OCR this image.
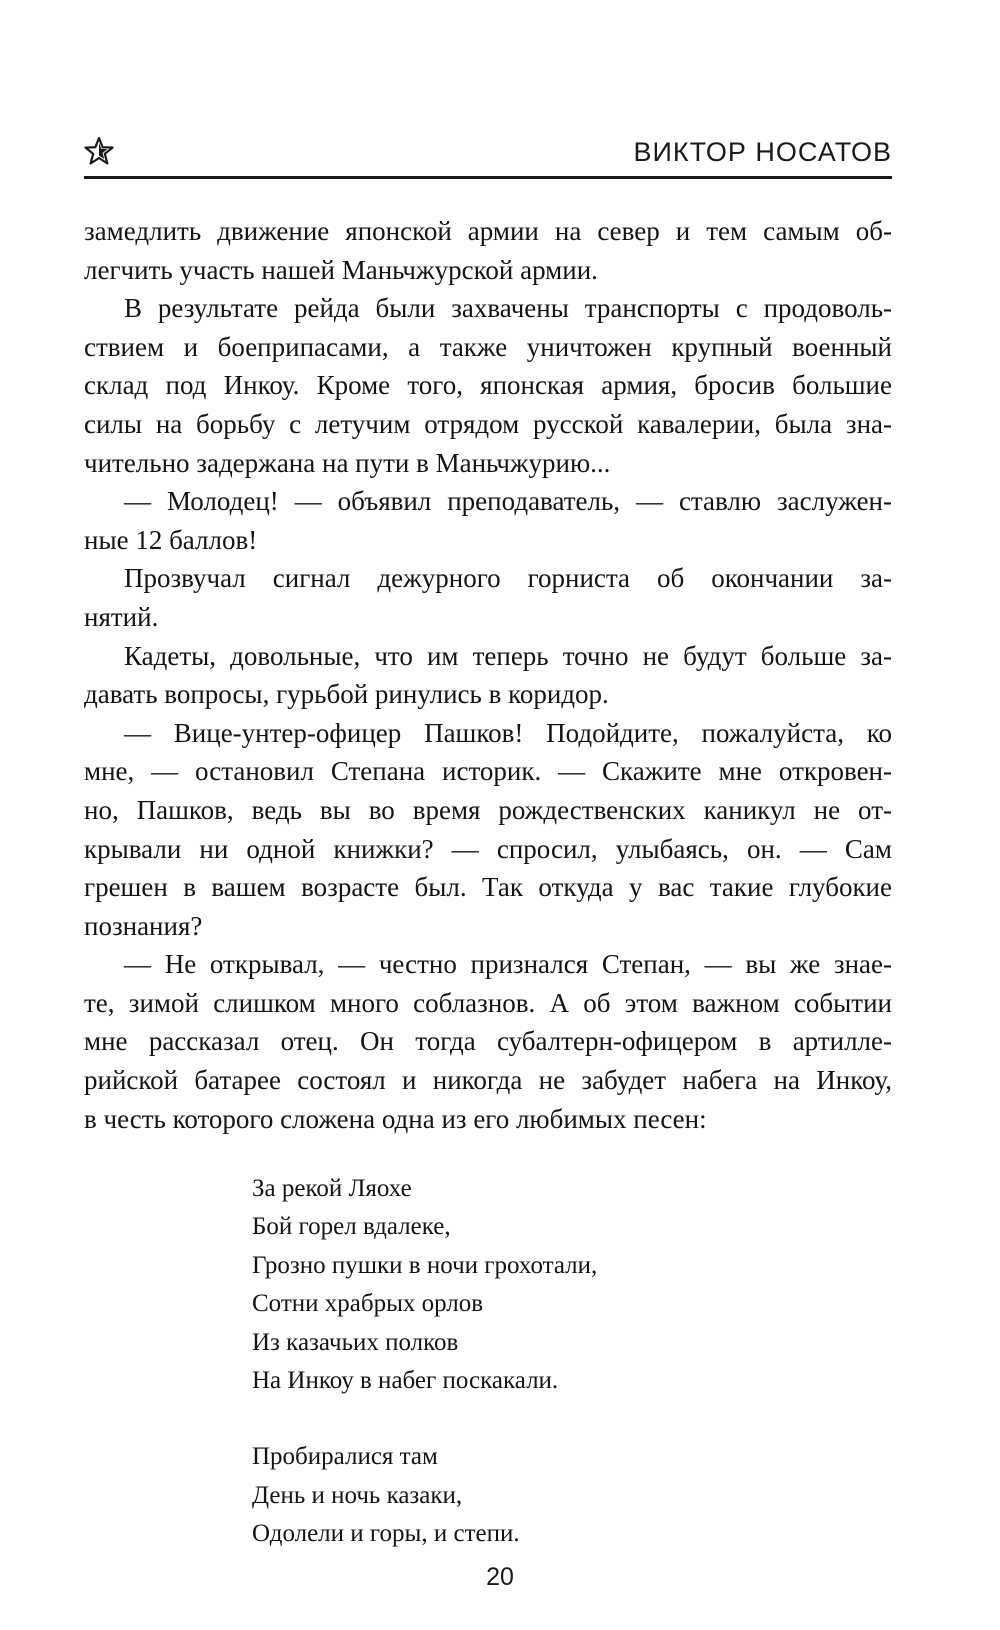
ВИКТОР НОСАТОВ
замедлить движение японской армии на север и тем самым об-
легчить участь нашей Маньчжурской армии.
В результате рейда были захвачены транспорты с продоволь-
ствием и боеприпасами, а также уничтожен крупный военный
склад под Инкоу. Кроме того, японская армия, бросив большие
силы на борьбу с летучим отрядом русской кавалерии, была зна-
чительно задержана на пути в Маньчжурию...
— Молодец! — объявил преподаватель, — ставлю заслужен-
ные 12 баллов!
Прозвучал сигнал дежурного горниста об окончании за-
нятий.
Кадеты, довольные, что им теперь точно не будут больше за-
давать вопросы, гурьбой ринулись в коридор.
— Вице-унтер-офицер Пашков! Подойдите, пожалуйста, ко
мне, — остановил Степана историк. — Скажите мне откровен-
но, Пашков, ведь вы во время рождественских каникул не от-
крывали ни одной книжки? — спросил, улыбаясь, он. — Сам
грешен в вашем возрасте был. Так откуда у вас такие глубокие
познания?
— Не открывал, — честно признался Степан, — вы же знае-
те, зимой слишком много соблазнов. А об этом важном событии
мне рассказал отец. Он тогда субалтерн-офицером в артилле-
рийской батарее состоял и никогда не забудет набега на Инкоу,
в честь которого сложена одна из его любимых песен:
За рекой Ляохе
Бой горел вдалеке,
Грозно пушки в ночи грохотали,
Сотни храбрых орлов
Из казачьих полков
На Инкоу в набег поскакали.
Пробиралися там
День и ночь казаки,
Одолели и горы, и степи.
20
